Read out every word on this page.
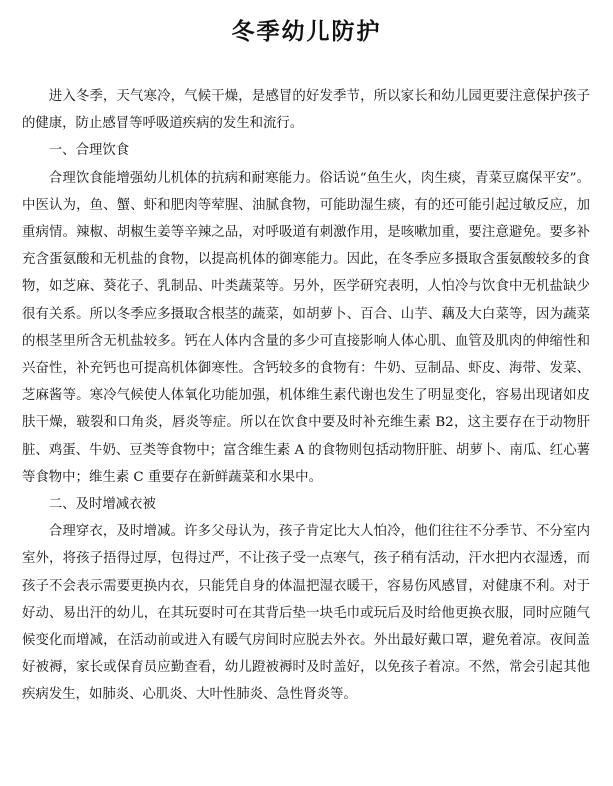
冬季幼儿防护

进入冬季，天气寒冷，气候干燥，是感冒的好发季节，所以家长和幼儿园更要注意保护孩子的健康，防止感冒等呼吸道疾病的发生和流行。

一、合理饮食

合理饮食能增强幼儿机体的抗病和耐寒能力。俗话说“鱼生火，肉生痰，青菜豆腐保平安”。中医认为，鱼、蟹、虾和肥肉等荤腥、油腻食物，可能助湿生痰，有的还可能引起过敏反应，加重病情。辣椒、胡椒生姜等辛辣之品，对呼吸道有刺激作用，是咳嗽加重，要注意避免。要多补充含蛋氨酸和无机盐的食物，以提高机体的御寒能力。因此，在冬季应多摄取含蛋氨酸较多的食物，如芝麻、葵花子、乳制品、叶类蔬菜等。另外，医学研究表明，人怕冷与饮食中无机盐缺少很有关系。所以冬季应多摄取含根茎的蔬菜，如胡萝卜、百合、山芋、藕及大白菜等，因为蔬菜的根茎里所含无机盐较多。钙在人体内含量的多少可直接影响人体心肌、血管及肌肉的伸缩性和兴奋性，补充钙也可提高机体御寒性。含钙较多的食物有：牛奶、豆制品、虾皮、海带、发菜、芝麻酱等。寒冷气候使人体氧化功能加强，机体维生素代谢也发生了明显变化，容易出现诸如皮肤干燥，皲裂和口角炎，唇炎等症。所以在饮食中要及时补充维生素 B2，这主要存在于动物肝脏、鸡蛋、牛奶、豆类等食物中；富含维生素 A 的食物则包括动物肝脏、胡萝卜、南瓜、红心薯等食物中；维生素 C 重要存在新鲜蔬菜和水果中。

二、及时增减衣被

合理穿衣，及时增减。许多父母认为，孩子肯定比大人怕冷，他们往往不分季节、不分室内室外，将孩子捂得过厚，包得过严，不让孩子受一点寒气，孩子稍有活动，汗水把内衣湿透，而孩子不会表示需要更换内衣，只能凭自身的体温把湿衣暖干，容易伤风感冒，对健康不利。对于好动、易出汗的幼儿，在其玩耍时可在其背后垫一块毛巾或玩后及时给他更换衣服，同时应随气候变化而增减，在活动前或进入有暖气房间时应脱去外衣。外出最好戴口罩，避免着凉。夜间盖好被褥，家长或保育员应勤查看，幼儿蹬被褥时及时盖好，以免孩子着凉。不然，常会引起其他疾病发生，如肺炎、心肌炎、大叶性肺炎、急性肾炎等。
